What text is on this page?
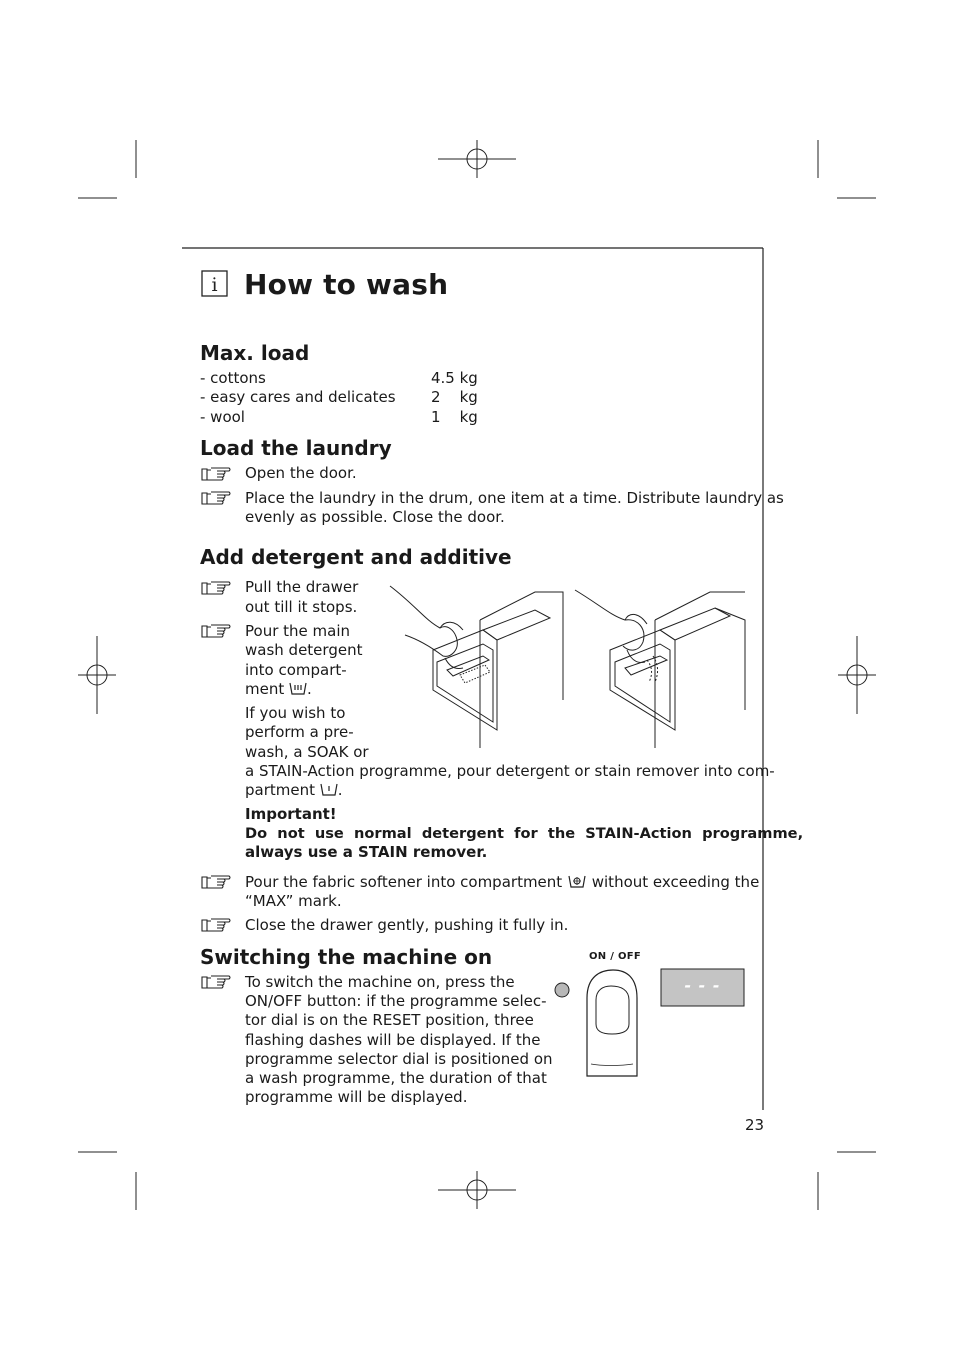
i How to wash
Max. load
- cottons	4.5 kg
- easy cares and delicates 2    kg
- wool	1    kg
Load the laundry
Open the door.
Place the laundry in the drum, one item at a time. Distribute laundry as
evenly as possible. Close the door.
Add detergent and additive
Pull the drawer
out till it stops.
Pour the main
wash detergent
into compart-
ment .
If you wish to
perform a pre-
wash, a SOAK or
a STAIN-Action programme, pour detergent or stain remover into com-
partment .
Important!
Do  not  use  normal  detergent  for  the  STAIN-Action  programme,
always use a STAIN remover.
Pour the fabric softener into compartment without exceeding the
“MAX” mark.
Close the drawer gently, pushing it fully in.
Switching the machine on
To switch the machine on, press the
ON/OFF button: if the programme selec-
tor dial is on the RESET position, three
flashing dashes will be displayed. If the
programme selector dial is positioned on
a wash programme, the duration of that
programme will be displayed.
ON / OFF
- - -
23
